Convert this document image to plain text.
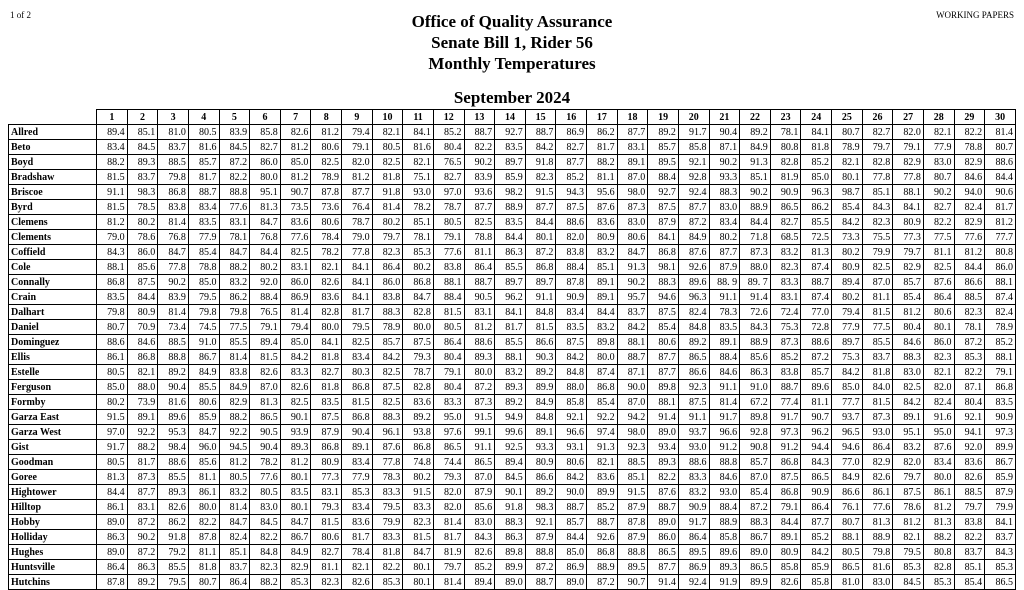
1 of 2	WORKING PAPERS
Office of Quality Assurance
Senate Bill 1, Rider 56
Monthly Temperatures
September 2024
	1	2	3	4	5	6	7	8	9	10	11	12	13	14	15	16	17	18	19	20	21	22	23	24	25	26	27	28	29	30
Allred	89.4	85.1	81.0	80.5	83.9	85.8	82.6	81.2	79.4	82.1	84.1	85.2	88.7	92.7	88.7	86.9	86.2	87.7	89.2	91.7	90.4	89.2	78.1	84.1	80.7	82.7	82.0	82.1	82.2	81.4
Beto	83.4	84.5	83.7	81.6	84.5	82.7	81.2	80.6	79.1	80.5	81.6	80.4	82.2	83.5	84.2	82.7	81.7	83.1	85.7	85.8	87.1	84.9	80.8	81.8	78.9	79.7	79.1	77.9	78.8	80.7
Boyd	88.2	89.3	88.5	85.7	87.2	86.0	85.0	82.5	82.0	82.5	82.1	76.5	90.2	89.7	91.8	87.7	88.2	89.1	89.5	92.1	90.2	91.3	82.8	85.2	82.1	82.8	82.9	83.0	82.9	88.6
Bradshaw	81.5	83.7	79.8	81.7	82.2	80.0	81.2	78.9	81.2	81.8	75.1	82.7	83.9	85.9	82.3	85.2	81.1	87.0	88.4	92.8	93.3	85.1	81.9	85.0	80.1	77.8	77.8	80.7	84.6	84.4
Briscoe	91.1	98.3	86.8	88.7	88.8	95.1	90.7	87.8	87.7	91.8	93.0	97.0	93.6	98.2	91.5	94.3	95.6	98.0	92.7	92.4	88.3	90.2	90.9	96.3	98.7	85.1	88.1	90.2	94.0	90.6
Byrd	81.5	78.5	83.8	83.4	77.6	81.3	73.5	73.6	76.4	81.4	78.2	78.7	87.7	88.9	87.7	87.5	87.6	87.3	87.5	87.7	83.0	88.9	86.5	86.2	85.4	84.3	84.1	82.7	82.4	81.7
Clemens	81.2	80.2	81.4	83.5	83.1	84.7	83.6	80.6	78.7	80.2	85.1	80.5	82.5	83.5	84.4	88.6	83.6	83.0	87.9	87.2	83.4	84.4	82.7	85.5	84.2	82.3	80.9	82.2	82.9	81.2
Clements	79.0	78.6	76.8	77.9	78.1	76.8	77.6	78.4	79.0	79.7	78.1	79.1	78.8	84.4	80.1	82.0	80.9	80.6	84.1	84.9	80.2	71.8	68.5	72.5	73.3	75.5	77.3	77.5	77.6	77.7
Coffield	84.3	86.0	84.7	85.4	84.7	84.4	82.5	78.2	77.8	82.3	85.3	77.6	81.1	86.3	87.2	83.8	83.2	84.7	86.8	87.6	87.7	87.3	83.2	81.3	80.2	79.9	79.7	81.1	81.2	80.8
Cole	88.1	85.6	77.8	78.8	88.2	80.2	83.1	82.1	84.1	86.4	80.2	83.8	86.4	85.5	86.8	88.4	85.1	91.3	98.1	92.6	87.9	88.0	82.3	87.4	80.9	82.5	82.9	82.5	84.4	86.0
Connally	86.8	87.5	90.2	85.0	83.2	92.0	86.0	82.6	84.1	86.0	86.8	88.1	88.7	89.7	89.7	87.8	89.1	90.2	88.3	89.6	88. 9	89. 7	83.3	88.7	89.4	87.0	85.7	87.6	86.6	88.1
Crain	83.5	84.4	83.9	79.5	86.2	88.4	86.9	83.6	84.1	83.8	84.7	88.4	90.5	96.2	91.1	90.9	89.1	95.7	94.6	96.3	91.1	91.4	83.1	87.4	80.2	81.1	85.4	86.4	88.5	87.4
Dalhart	79.8	80.9	81.4	79.8	79.8	76.5	81.4	82.8	81.7	88.3	82.8	81.5	83.1	84.1	84.8	83.4	84.4	83.7	87.5	82.4	78.3	72.6	72.4	77.0	79.4	81.5	81.2	80.6	82.3	82.4
Daniel	80.7	70.9	73.4	74.5	77.5	79.1	79.4	80.0	79.5	78.9	80.0	80.5	81.2	81.7	81.5	83.5	83.2	84.2	85.4	84.8	83.5	84.3	75.3	72.8	77.9	77.5	80.4	80.1	78.1	78.9
Dominguez	88.6	84.6	88.5	91.0	85.5	89.4	85.0	84.1	82.5	85.7	87.5	86.4	88.6	85.5	86.6	87.5	89.8	88.1	80.6	89.2	89.1	88.9	87.3	88.6	89.7	85.5	84.6	86.0	87.2	85.2
Ellis	86.1	86.8	88.8	86.7	81.4	81.5	84.2	81.8	83.4	84.2	79.3	80.4	89.3	88.1	90.3	84.2	80.0	88.7	87.7	86.5	88.4	85.6	85.2	87.2	75.3	83.7	88.3	82.3	85.3	88.1
Estelle	80.5	82.1	89.2	84.9	83.8	82.6	83.3	82.7	80.3	82.5	78.7	79.1	80.0	83.2	89.2	84.8	87.4	87.1	87.7	86.6	84.6	86.3	83.8	85.7	84.2	81.8	83.0	82.1	82.2	79.1
Ferguson	85.0	88.0	90.4	85.5	84.9	87.0	82.6	81.8	86.8	87.5	82.8	80.4	87.2	89.3	89.9	88.0	86.8	90.0	89.8	92.3	91.1	91.0	88.7	89.6	85.0	84.0	82.5	82.0	87.1	86.8
Formby	80.2	73.9	81.6	80.6	82.9	81.3	82.5	83.5	81.5	82.5	83.6	83.3	87.3	89.2	84.9	85.8	85.4	87.0	88.1	87.5	81.4	67.2	77.4	81.1	77.7	81.5	84.2	82.4	80.4	83.5
Garza East	91.5	89.1	89.6	85.9	88.2	86.5	90.1	87.5	86.8	88.3	89.2	95.0	91.5	94.9	84.8	92.1	92.2	94.2	91.4	91.1	91.7	89.8	91.7	90.7	93.7	87.3	89.1	91.6	92.1	90.9
Garza West	97.0	92.2	95.3	84.7	92.2	90.5	93.9	87.9	90.4	96.1	93.8	97.6	99.1	99.6	89.1	96.6	97.4	98.0	89.0	93.7	96.6	92.8	97.3	96.2	96.5	93.0	95.1	95.0	94.1	97.3
Gist	91.7	88.2	98.4	96.0	94.5	90.4	89.3	86.8	89.1	87.6	86.8	86.5	91.1	92.5	93.3	93.1	91.3	92.3	93.4	93.0	91.2	90.8	91.2	94.4	94.6	86.4	83.2	87.6	92.0	89.9
Goodman	80.5	81.7	88.6	85.6	81.2	78.2	81.2	80.9	83.4	77.8	74.8	74.4	86.5	89.4	80.9	80.6	82.1	88.5	89.3	88.6	88.8	85.7	86.8	84.3	77.0	82.9	82.0	83.4	83.6	86.7
Goree	81.3	87.3	85.5	81.1	80.5	77.6	80.1	77.3	77.9	78.3	80.2	79.3	87.0	84.5	86.6	84.2	83.6	85.1	82.2	83.3	84.6	87.0	87.5	86.5	84.9	82.6	79.7	80.0	82.6	85.9
Hightower	84.4	87.7	89.3	86.1	83.2	80.5	83.5	83.1	85.3	83.3	91.5	82.0	87.9	90.1	89.2	90.0	89.9	91.5	87.6	83.2	93.0	85.4	86.8	90.9	86.6	86.1	87.5	86.1	88.5	87.9
Hilltop	86.1	83.1	82.6	80.0	81.4	83.0	80.1	79.3	83.4	79.5	83.3	82.0	85.6	91.8	98.3	88.7	85.2	87.9	88.7	90.9	88.4	87.2	79.1	86.4	76.1	77.6	78.6	81.2	79.7	79.9
Hobby	89.0	87.2	86.2	82.2	84.7	84.5	84.7	81.5	83.6	79.9	82.3	81.4	83.0	88.3	92.1	85.7	88.7	87.8	89.0	91.7	88.9	88.3	84.4	87.7	80.7	81.3	81.2	81.3	83.8	84.1
Holliday	86.3	90.2	91.8	87.8	82.4	82.2	86.7	80.6	81.7	83.3	81.5	81.7	84.3	86.3	87.9	84.4	92.6	87.9	86.0	86.4	85.8	86.7	89.1	85.2	88.1	88.9	82.1	88.2	82.2	83.7
Hughes	89.0	87.2	79.2	81.1	85.1	84.8	84.9	82.7	78.4	81.8	84.7	81.9	82.6	89.8	88.8	85.0	86.8	88.8	86.5	89.5	89.6	89.0	80.9	84.2	80.5	79.8	79.5	80.8	83.7	84.3
Huntsville	86.4	86.3	85.5	81.8	83.7	82.3	82.9	81.1	82.1	82.2	80.1	79.7	85.2	89.9	87.2	86.9	88.9	89.5	87.7	86.9	89.3	86.5	85.8	85.9	86.5	81.6	85.3	82.8	85.1	85.3
Hutchins	87.8	89.2	79.5	80.7	86.4	88.2	85.3	82.3	82.6	85.3	80.1	81.4	89.4	89.0	88.7	89.0	87.2	90.7	91.4	92.4	91.9	89.9	82.6	85.8	81.0	83.0	84.5	85.3	85.4	86.5
